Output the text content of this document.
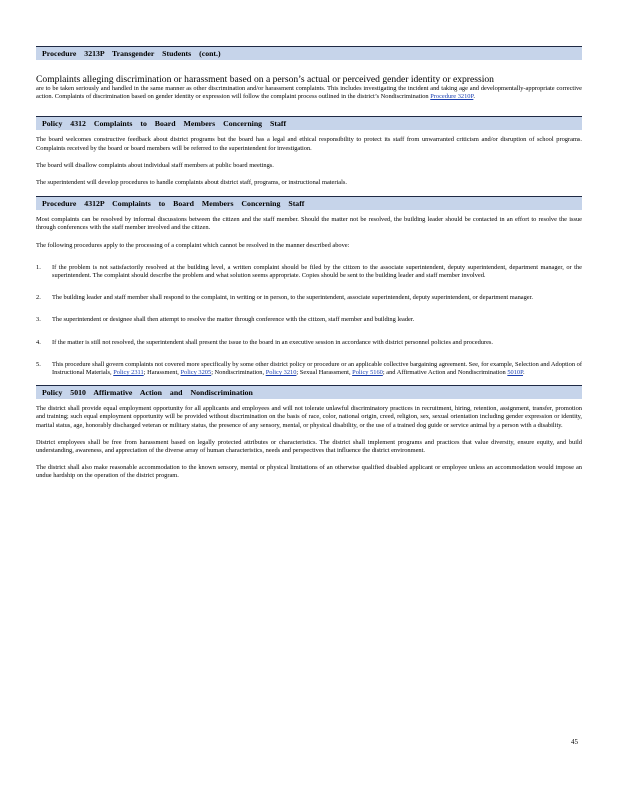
Procedure 3213P Transgender Students (cont.)
Complaints alleging discrimination or harassment based on a person’s actual or perceived gender identity or expression

are to be taken seriously and handled in the same manner as other discrimination and/or harassment complaints. This includes investigating the incident and taking age and developmentally-appropriate corrective action. Complaints of discrimination based on gender identity or expression will follow the complaint process outlined in the district’s Nondiscrimination Procedure 3210P.

Policy 4312 Complaints to Board Members Concerning Staff

The board welcomes constructive feedback about district programs but the board has a legal and ethical responsibility to protect its staff from unwarranted criticism and/or disruption of school programs. Complaints received by the board or board members will be referred to the superintendent for investigation.

The board will disallow complaints about individual staff members at public board meetings.

The superintendent will develop procedures to handle complaints about district staff, programs, or instructional materials.

Procedure 4312P Complaints to Board Members Concerning Staff

Most complaints can be resolved by informal discussions between the citizen and the staff member. Should the matter not be resolved, the building leader should be contacted in an effort to resolve the issue through conferences with the staff member involved and the citizen.

The following procedures apply to the processing of a complaint which cannot be resolved in the manner described above:

1. If the problem is not satisfactorily resolved at the building level, a written complaint should be filed by the citizen to the associate superintendent, deputy superintendent, department manager, or the superintendent. The complaint should describe the problem and what solution seems appropriate. Copies should be sent to the building leader and staff member involved.
2. The building leader and staff member shall respond to the complaint, in writing or in person, to the superintendent, associate superintendent, deputy superintendent, or department manager.
3. The superintendent or designee shall then attempt to resolve the matter through conference with the citizen, staff member and building leader.
4. If the matter is still not resolved, the superintendent shall present the issue to the board in an executive session in accordance with district personnel policies and procedures.
5. This procedure shall govern complaints not covered more specifically by some other district policy or procedure or an applicable collective bargaining agreement. See, for example, Selection and Adoption of Instructional Materials, Policy 2311; Harassment, Policy 3205; Nondiscrimination, Policy 3210; Sexual Harassment, Policy 5160; and Affirmative Action and Nondiscrimination 5010P.
Policy 5010 Affirmative Action and Nondiscrimination

The district shall provide equal employment opportunity for all applicants and employees and will not tolerate unlawful discriminatory practices in recruitment, hiring, retention, assignment, transfer, promotion and training; such equal employment opportunity will be provided without discrimination on the basis of race, color, national origin, creed, religion, sex, sexual orientation including gender expression or identity, marital status, age, honorably discharged veteran or military status, the presence of any sensory, mental, or physical disability, or the use of a trained dog guide or service animal by a person with a disability.

District employees shall be free from harassment based on legally protected attributes or characteristics. The district shall implement programs and practices that value diversity, ensure equity, and build understanding, awareness, and appreciation of the diverse array of human characteristics, needs and perspectives that influence the district environment.

The district shall also make reasonable accommodation to the known sensory, mental or physical limitations of an otherwise qualified disabled applicant or employee unless an accommodation would impose an undue hardship on the operation of the district program.

45
